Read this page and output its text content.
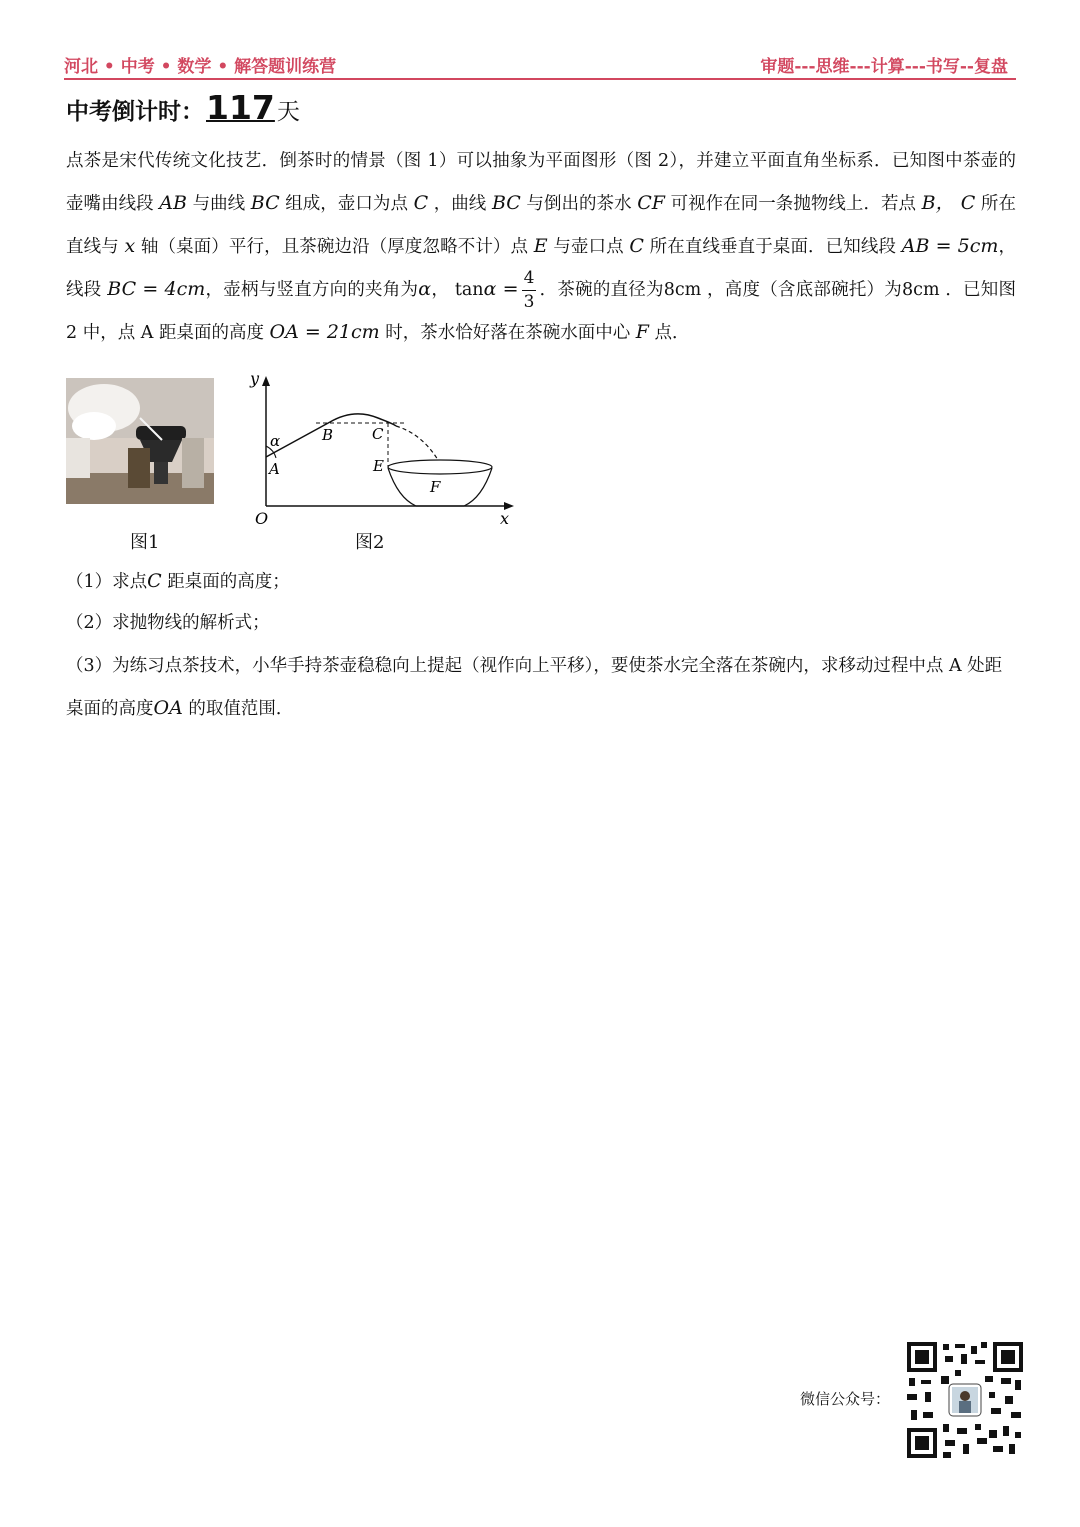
河北 • 中考 • 数学 • 解答题训练营	审题---思维---计算---书写--复盘
中考倒计时：117天
点茶是宋代传统文化技艺．倒茶时的情景（图 1）可以抽象为平面图形（图 2），并建立平面直角坐标系．已知图中茶壶的壶嘴由线段 AB 与曲线 BC 组成，壶口为点 C ，曲线 BC 与倒出的茶水 CF 可视作在同一条抛物线上．若点 B， C 所在直线与 x 轴（桌面）平行，且茶碗边沿（厚度忽略不计）点 E 与壶口点 C 所在直线垂直于桌面．已知线段 AB = 5cm，线段 BC = 4cm，壶柄与竖直方向的夹角为α， $\tan\alpha = \frac{4}{3}$ ．茶碗的直径为8cm ，高度（含底部碗托）为8cm ．已知图 2 中，点 A 距桌面的高度 OA = 21cm 时，茶水恰好落在茶碗水面中心 F 点．
y
x
O
A
B	C
E
F
α
图1	图2
（1）求点C 距桌面的高度；
（2）求抛物线的解析式；
（3）为练习点茶技术，小华手持茶壶稳稳向上提起（视作向上平移），要使茶水完全落在茶碗内，求移动过程中点 A 处距桌面的高度OA 的取值范围．
微信公众号：
